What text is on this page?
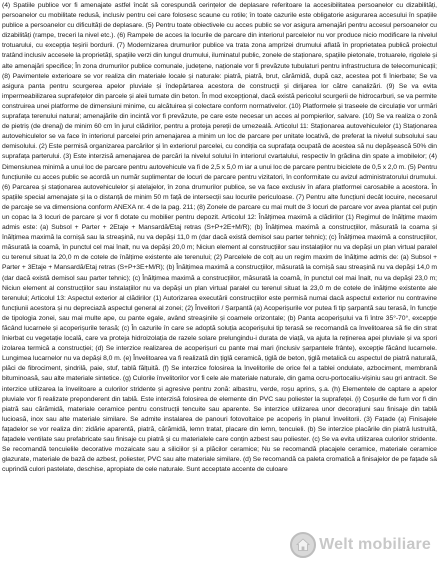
(4) Spatiile publice vor fi amenajate astfel încât să corespundă cerințelor de deplasare referitoare la accesibilitatea persoanelor cu dizabilități, persoanelor cu mobilitate redusă, inclusiv pentru cei care folosesc scaune cu rotile; în toate cazurile este obligatorie asigurarea accesului în spațiile publice a persoanelor cu dificultăți de deplasare. (5) Pentru toate obiectivele cu acces public se vor asigura amenajări pentru accesul persoanelor cu dizabilități (rampe, treceri la nivel etc.). (6) Rampele de acces la locurile de parcare din interiorul parcelelor nu vor produce nicio modificare la nivelul trotuarului, cu excepția teșirii bordurii. (7) Modernizarea drumurilor publice va trata zona amprizei drumului aflată în proprietatea publică proiectul tratând inclusiv accesele la proprietăți, spațiile verzi din lungul drumului, iluminatul public, zonele de staționare, spațiile pietonale, trotuarele, rigolele și alte amenajări specifice; În zona drumurilor publice comunale, județene, naționale vor fi prevăzute tubulaturi pentru infrastructura de telecomunicații; (8) Pavimentele exterioare se vor realiza din materiale locale și naturale: piatră, piatră, brut, cărămidă, după caz, acestea pot fi înierbate; Se va asigura panta pentru scurgerea apelor pluviale și îndepărtarea acestora de construcții și dirijarea lor către canalizări. (9) Se va evita impermeabilizarea suprafețelor din parcele și aleii tumate din beton. În mod excepțional, dacă există pericolul scurgerii de hidrocarburi, se va permite construirea unei platforme de dimensiuni minime, cu alcătuirea și colectare conform normativelor. (10) Platformele și traseele de circulație vor urmări suprafața terenului natural; amenajările din incintă vor fi prevăzute, pe care este necesar un acces al pompierilor, salvare. (10) Se va realiza o zonă de pietriș (de drenaj) de minim 60 cm în jurul clădirilor, pentru a proteja pereții de umezeală. Articolul 11: Staționarea autovehiculelor (1) Staționarea autovehiculelor se va face în interiorul parcelei prin amenajarea a minim un loc de parcare per unitate locativă, de preferat la nivelul subsolului sau demisolului. (2) Este permisă organizarea parcărilor și în exteriorul parcelei, cu condiția ca suprafața ocupată de acestea să nu depășească 50% din suprafața parterului. (3) Este interzisă amenajarea de parcări la nivelul solului în interiorul cvartalului, respectiv în grădina din spate a imobilelor; (4) Dimensiunea minimă a unui loc de parcare pentru autovehicule va fi de 2,5 x 5,0 m iar a unui loc de parcare pentru biciclete de 0,5 x 2,0 m. (5) Pentru funcțiunile cu acces public se acordă un număr suplimentar de locuri de parcare pentru vizitatori, în conformitate cu avizul administratorului drumului. (6) Parcarea și staționarea autovehiculelor și atelajelor, în zona drumurilor publice, se va face exclusiv în afara platformei carosabile a acestora. În spațiile special amenajate și la o distanță de minim 50 m față de intersecții sau locurile periculoase. (7) Pentru alte funcțiuni decât locuire, necesarul de parcaje se va dimensiona conform ANEXA nr. 4 de la pag. 211; (8) Zonele de parcare cu mai mult de 3 locuri de parcare vor avea plantat cel puțin un copac la 3 locuri de parcare și vor fi dotate cu mobilier pentru depozit. Articolul 12: Înălțimea maximă a clădirilor (1) Regimul de înălțime maxim admis este: (a) Subsol + Parter + 2Etaje + Mansardă/Etaj retras (S+P+2E+M/R); (b) Înălțimea maximă a construcțiilor, măsurată la coama și înălțimea maximă la cornișă sau la streașină, nu va depăși 11,0 m (dar dacă există demisol sau parter tehnic); (c) Înălțimea maximă a construcțiilor, măsurată la coamă, în punctul cel mai înalt, nu va depăși 20,0 m; Niciun element al construcțiilor sau instalațiilor nu va depăși un plan virtual paralel cu terenul situat la 20,0 m de cotele de înălțime existente ale terenului; (2) Parcelele de colț au un regim maxim de înălțime admis de: (a) Subsol + Parter + 3Etaje + Mansardă/Etaj retras (S+P+3E+M/R); (b) Înălțimea maximă a construcțiilor, măsurată la cornișă sau streașină nu va depăși 14,0 m (dar dacă există demisol sau parter tehnic); (c) Înălțimea maximă a construcțiilor, măsurată la coamă, în punctul cel mai înalt, nu va depăși 23,0 m; Niciun element al construcțiilor sau instalațiilor nu va depăși un plan virtual paralel cu terenul situat la 23,0 m de cotele de înălțime existente ale terenului; Articolul 13: Aspectul exterior al clădirilor (1) Autorizarea executării construcțiilor este permisă numai dacă aspectul exterior nu contravine funcțiunii acestora și nu depreciază aspectul general al zonei; (2) Învelitori / Șarpantă (a) Acoperișurile vor putea fi tip șarpantă sau terasă, în funcție de tipologia zonei, sau mai multe ape, cu pante egale, având streașinile și coamele orizontale; (b) Panta acoperișului va fi între 35°-70°, excepție făcând lucarnele și acoperișurile terasă; (c) În cazurile în care se adoptă soluția acoperișului tip terasă se recomandă ca învelitoarea să fie din strat înierbat cu vegetație locală, care va proteja hidroizolația de razele solare prelungindu-i durata de viață, va ajuta la reținerea apei pluviale și va spori izolarea termică a construcției; (d) Se interzice realizarea de acoperișuri cu pante mai mari (inclusiv șarpantele frânte), excepție făcând lucarnele. Lungimea lucarnelor nu va depăși 8,0 m. (e) Învelitoarea va fi realizată din țiglă ceramică, țiglă de beton, țiglă metalică cu aspectul de piatră naturală, plăci de fibrociment, șindrilă, paie, stuf, tablă fălțuită. (f) Se interzice folosirea la învelitorile de orice fel a tablei ondulate, azbociment, membrană bituminoasă, sau alte materiale sintetice. (g) Culorile învelitorilor vor fi cele ale materiale naturale, din gama ocru-portocaliu-vișiniu sau gri antracit. Se interzice utilizarea la învelitoare a culorilor stridente și agresive pentru zonă: albastru, verde, roșu aprins, ș.a. (h) Elementele de captare a apelor pluviale vor fi realizate preponderent din tablă. Este interzisă folosirea de elemente din PVC sau poliester la suprafeței. (i) Coșurile de fum vor fi din piatră sau cărămidă, materiale ceramice pentru construcții tencuite sau aparente. Se interzice utilizarea unor decorațiuni sau finisaje din tablă lucioasă, inox sau alte materiale similare. Se admite instalarea de panouri fotovoltaice pe acoperiș în planul învelitorii. (3) Fațade (a) Finisajele fațadelor se vor realiza din: zidărie aparentă, piatră, cărămidă, lemn tratat, placare din lemn, tencuieli. (b) Se interzice placările din piatră lustruită, fațadele ventilate sau prefabricate sau finisaje cu piatră și cu materialele care conțin azbest sau poliester. (c) Se va evita utilizarea culorilor stridente. Se recomandă tencuielile decorative mozaicate sau a siliciilor și a plăcilor ceramice; Nu se recomandă placajele ceramice, materiale ceramice glazurate, materiale de bază de azbest, poliester, PVC sau alte materiale similare. (d) Se recomandă ca paleta cromatică a finisajelor de pe fațade să cuprindă culori pastelate, deschise, apropiate de cele naturale. Sunt acceptate accente de culoare

Welt mobiliare
